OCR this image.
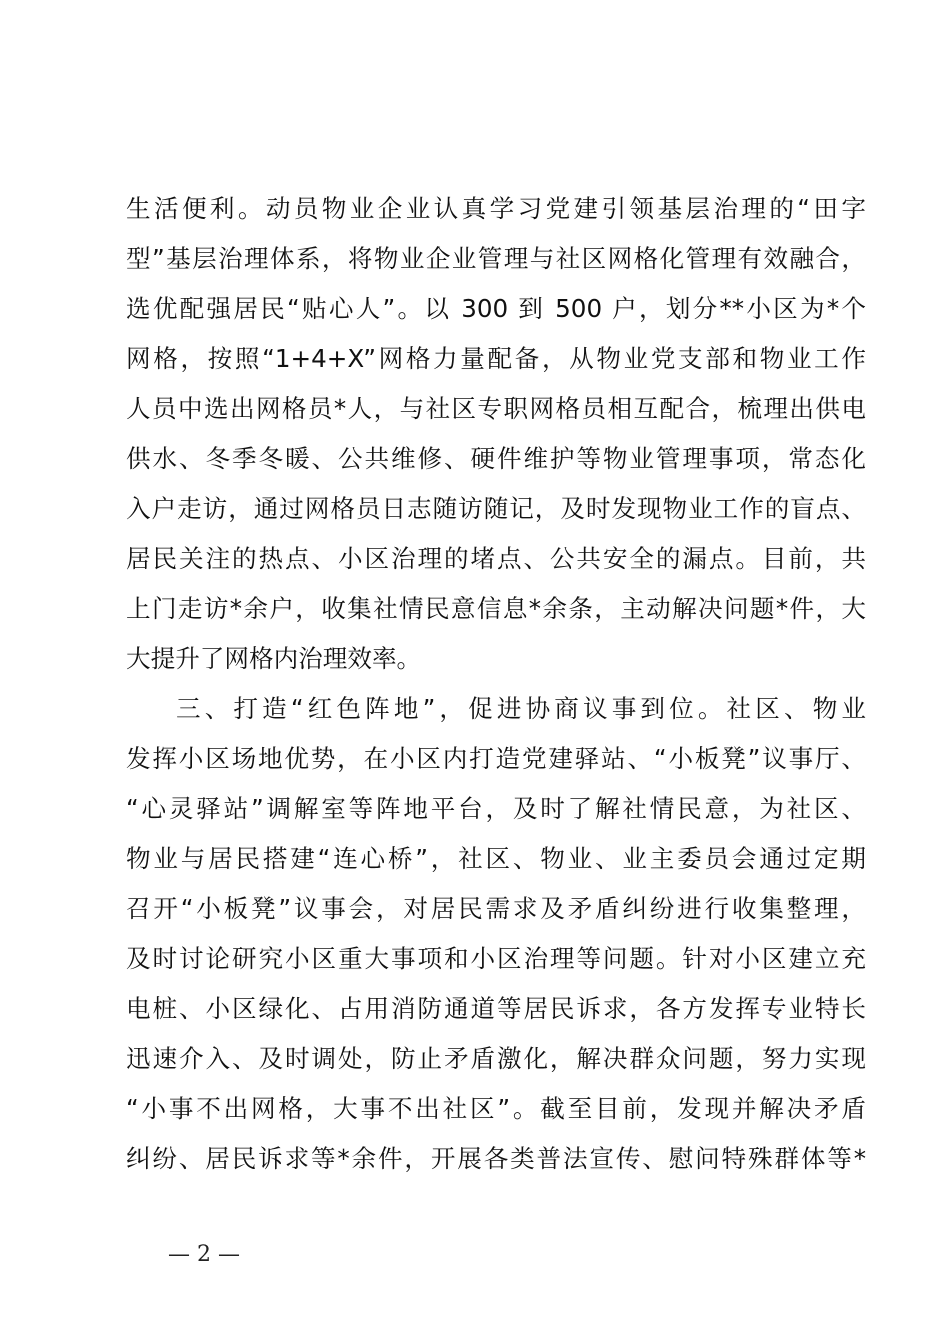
生活便利。动员物业企业认真学习党建引领基层治理的“田字
型”基层治理体系，将物业企业管理与社区网格化管理有效融合，
选优配强居民“贴心人”。以 300 到 500 户，划分**小区为*个
网格，按照“1+4+X”网格力量配备，从物业党支部和物业工作
人员中选出网格员*人，与社区专职网格员相互配合，梳理出供电
供水、冬季冬暖、公共维修、硬件维护等物业管理事项，常态化
入户走访，通过网格员日志随访随记，及时发现物业工作的盲点、
居民关注的热点、小区治理的堵点、公共安全的漏点。目前，共
上门走访*余户，收集社情民意信息*余条，主动解决问题*件，大
大提升了网格内治理效率。
三、打造“红色阵地”，促进协商议事到位。社区、物业
发挥小区场地优势，在小区内打造党建驿站、“小板凳”议事厅、
“心灵驿站”调解室等阵地平台，及时了解社情民意，为社区、
物业与居民搭建“连心桥”，社区、物业、业主委员会通过定期
召开“小板凳”议事会，对居民需求及矛盾纠纷进行收集整理，
及时讨论研究小区重大事项和小区治理等问题。针对小区建立充
电桩、小区绿化、占用消防通道等居民诉求，各方发挥专业特长
迅速介入、及时调处，防止矛盾激化，解决群众问题，努力实现
“小事不出网格，大事不出社区”。截至目前，发现并解决矛盾
纠纷、居民诉求等*余件，开展各类普法宣传、慰问特殊群体等*
— 2 —
